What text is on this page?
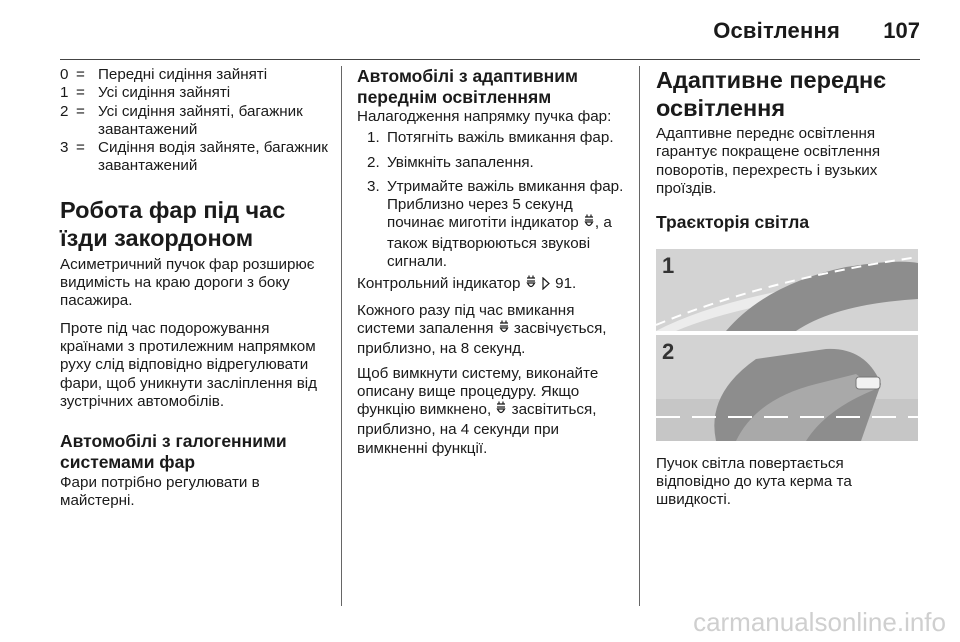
Освітлення 107
0 = Передні сидіння зайняті
1 = Усі сидіння зайняті
2 = Усі сидіння зайняті, багажник завантажений
3 = Сидіння водія зайняте, багажник завантажений
Робота фар під час їзди закордоном

Асиметричний пучок фар розширює видимість на краю дороги з боку пасажира.

Проте під час подорожування країнами з протилежним напрямком руху слід відповідно відрегулювати фари, щоб уникнути засліплення від зустрічних автомобілів.

Автомобілі з галогенними системами фар

Фари потрібно регулювати в майстерні.

Автомобілі з адаптивним переднім освітленням

Налагодження напрямку пучка фар:

1. Потягніть важіль вмикання фар.
2. Увімкніть запалення.
3. Утримайте важіль вмикання фар. Приблизно через 5 секунд починає миготіти індикатор , а також відтворюються звукові сигнали.

Контрольний індикатор 91.

Кожного разу під час вмикання системи запалення засвічується, приблизно, на 8 секунд.

Щоб вимкнути систему, виконайте описану вище процедуру. Якщо функцію вимкнено, засвітиться, приблизно, на 4 секунди при вимкненні функції.

Адаптивне переднє освітлення

Адаптивне переднє освітлення гарантує покращене освітлення поворотів, перехресть і вузьких проїздів.

Траєкторія світла
1
2

Пучок світла повертається відповідно до кута керма та швидкості.

carmanualsonline.info
